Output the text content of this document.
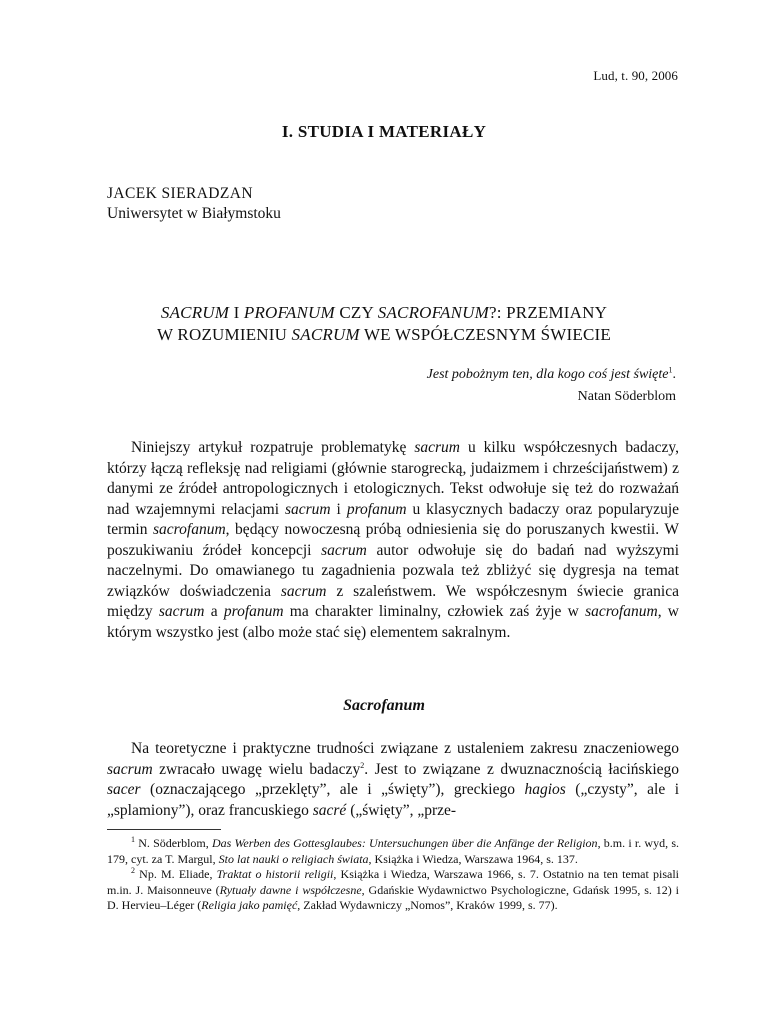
Lud, t. 90, 2006
I. STUDIA I MATERIAŁY
JACEK SIERADZAN
Uniwersytet w Białymstoku
SACRUM I PROFANUM CZY SACROFANUM?: PRZEMIANY
W ROZUMIENIU SACRUM WE WSPÓŁCZESNYM ŚWIECIE
Jest pobożnym ten, dla kogo coś jest święte$^1$.
Natan Söderblom

Niniejszy artykuł rozpatruje problematykę sacrum u kilku współczesnych badaczy, którzy łączą refleksję nad religiami (głównie starogrecką, judaizmem i chrześcijaństwem) z danymi ze źródeł antropologicznych i etologicznych. Tekst odwołuje się też do rozważań nad wzajemnymi relacjami sacrum i profanum u klasycznych badaczy oraz popularyzuje termin sacrofanum, będący nowoczesną próbą odniesienia się do poruszanych kwestii. W poszukiwaniu źródeł koncepcji sacrum autor odwołuje się do badań nad wyższymi naczelnymi. Do omawianego tu zagadnienia pozwala też zbliżyć się dygresja na temat związków doświadczenia sacrum z szaleństwem. We współczesnym świecie granica między sacrum a profanum ma charakter liminalny, człowiek zaś żyje w sacrofanum, w którym wszystko jest (albo może stać się) elementem sakralnym.

Sacrofanum

Na teoretyczne i praktyczne trudności związane z ustaleniem zakresu znaczeniowego sacrum zwracało uwagę wielu badaczy$^2$. Jest to związane z dwuznacznością łacińskiego sacer (oznaczającego „przeklęty”, ale i „święty”), greckiego hagios („czysty”, ale i „splamiony”), oraz francuskiego sacré („święty”, „prze-

$^1$ N. Söderblom, Das Werben des Gottesglaubes: Untersuchungen über die Anfänge der Religion, b.m. i r. wyd, s. 179, cyt. za T. Margul, Sto lat nauki o religiach świata, Książka i Wiedza, Warszawa 1964, s. 137.

$^2$ Np. M. Eliade, Traktat o historii religii, Książka i Wiedza, Warszawa 1966, s. 7. Ostatnio na ten temat pisali m.in. J. Maisonneuve (Rytuały dawne i współczesne, Gdańskie Wydawnictwo Psychologiczne, Gdańsk 1995, s. 12) i D. Hervieu–Léger (Religia jako pamięć, Zakład Wydawniczy „Nomos”, Kraków 1999, s. 77).
